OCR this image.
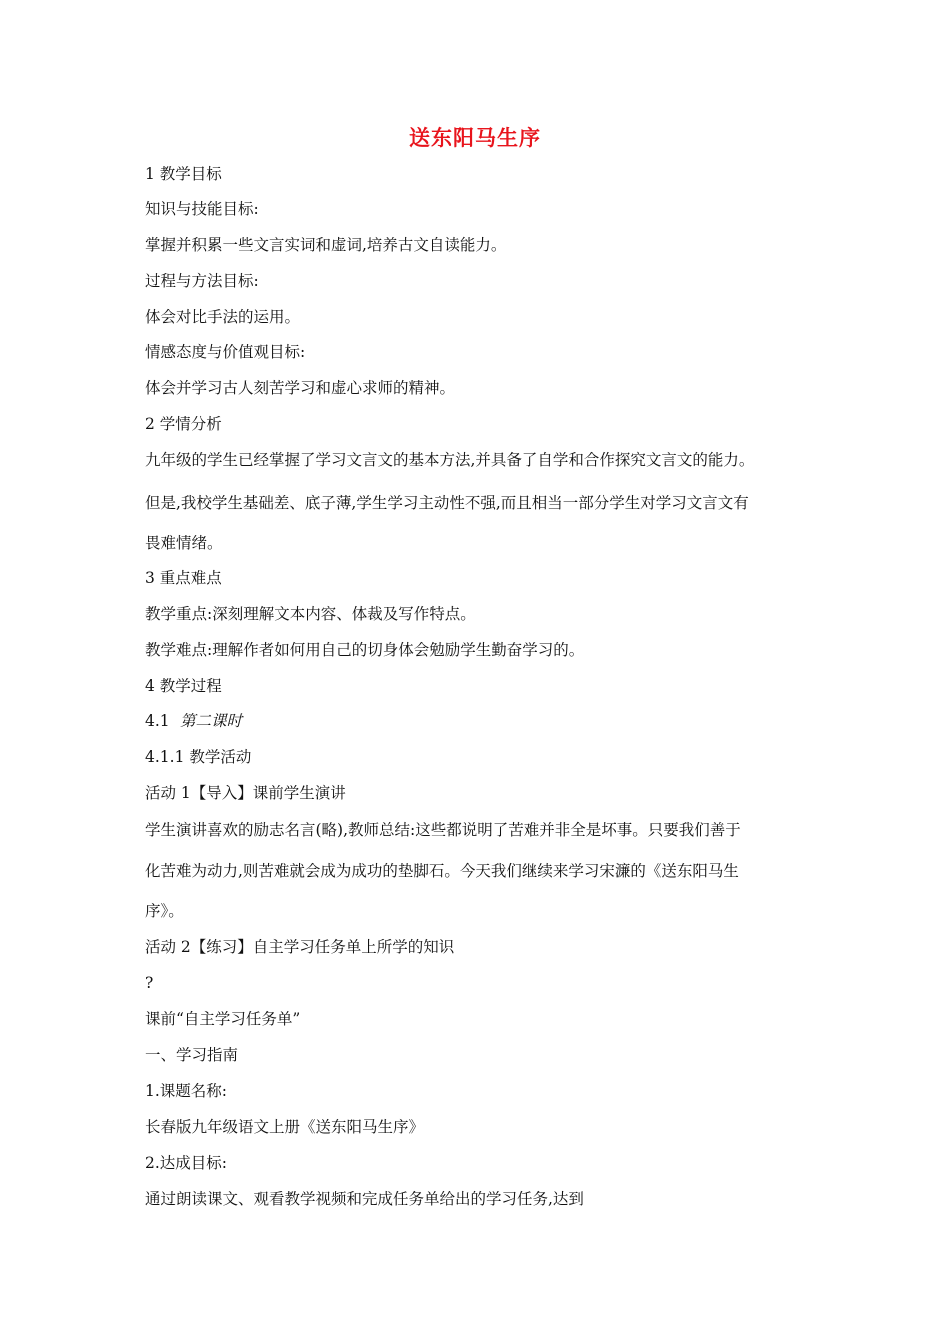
送东阳马生序
1 教学目标
知识与技能目标:
掌握并积累一些文言实词和虚词,培养古文自读能力。
过程与方法目标:
体会对比手法的运用。
情感态度与价值观目标:
体会并学习古人刻苦学习和虚心求师的精神。
2 学情分析
九年级的学生已经掌握了学习文言文的基本方法,并具备了自学和合作探究文言文的能力。
但是,我校学生基础差、底子薄,学生学习主动性不强,而且相当一部分学生对学习文言文有
畏难情绪。
3 重点难点
教学重点:深刻理解文本内容、体裁及写作特点。
教学难点:理解作者如何用自己的切身体会勉励学生勤奋学习的。
4 教学过程
4.1 第二课时
4.1.1 教学活动
活动 1【导入】课前学生演讲
学生演讲喜欢的励志名言(略),教师总结:这些都说明了苦难并非全是坏事。只要我们善于
化苦难为动力,则苦难就会成为成功的垫脚石。今天我们继续来学习宋濂的《送东阳马生
序》。
活动 2【练习】自主学习任务单上所学的知识
?
课前“自主学习任务单”
一、学习指南
1.课题名称:
长春版九年级语文上册《送东阳马生序》
2.达成目标:
通过朗读课文、观看教学视频和完成任务单给出的学习任务,达到
